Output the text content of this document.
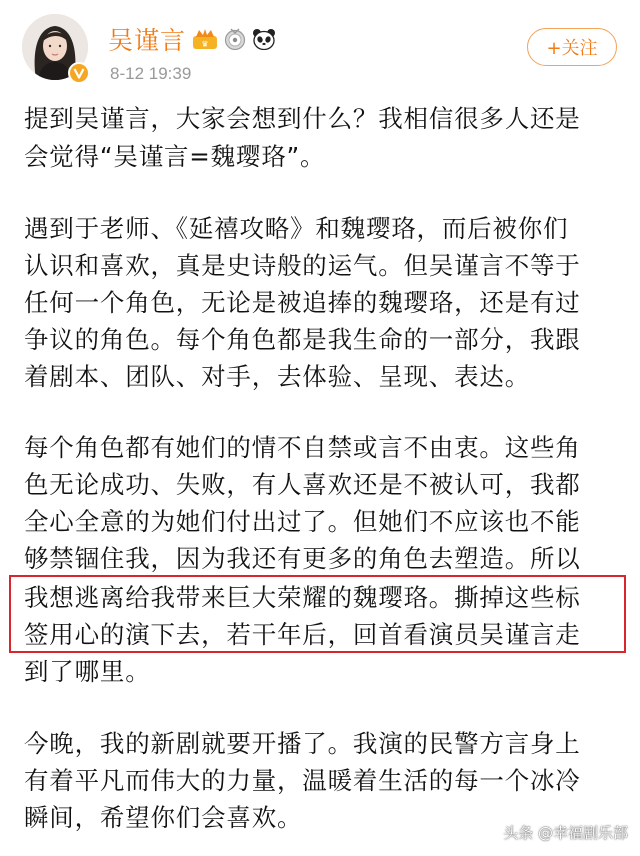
吴谨言 ♛
8-12 19:39
+关注
提到吴谨言，大家会想到什么？我相信很多人还是
会觉得“吴谨言=魏璎珞”。
遇到于老师、《延禧攻略》和魏璎珞，而后被你们
认识和喜欢，真是史诗般的运气。但吴谨言不等于
任何一个角色，无论是被追捧的魏璎珞，还是有过
争议的角色。每个角色都是我生命的一部分，我跟
着剧本、团队、对手，去体验、呈现、表达。
每个角色都有她们的情不自禁或言不由衷。这些角
色无论成功、失败，有人喜欢还是不被认可，我都
全心全意的为她们付出过了。但她们不应该也不能
够禁锢住我，因为我还有更多的角色去塑造。所以
我想逃离给我带来巨大荣耀的魏璎珞。撕掉这些标
签用心的演下去，若干年后，回首看演员吴谨言走
到了哪里。
今晚，我的新剧就要开播了。我演的民警方言身上
有着平凡而伟大的力量，温暖着生活的每一个冰冷
瞬间，希望你们会喜欢。
头条 @幸福剧乐部
